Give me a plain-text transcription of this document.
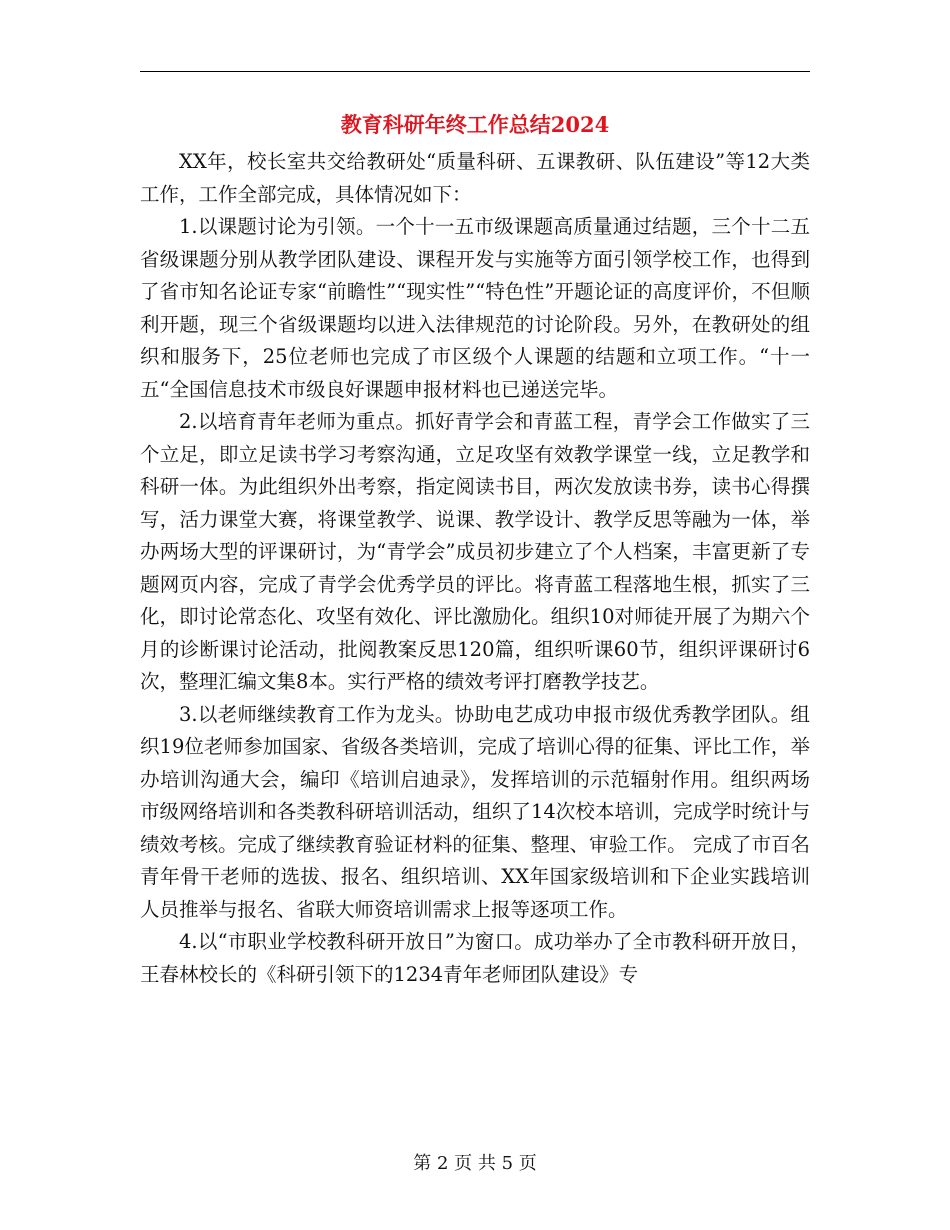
教育科研年终工作总结2024

XX年，校长室共交给教研处“质量科研、五课教研、队伍建设”等12大类工作，工作全部完成，具体情况如下：

1.以课题讨论为引领。一个十一五市级课题高质量通过结题，三个十二五省级课题分别从教学团队建设、课程开发与实施等方面引领学校工作，也得到了省市知名论证专家“前瞻性”“现实性”“特色性”开题论证的高度评价，不但顺利开题，现三个省级课题均以进入法律规范的讨论阶段。另外，在教研处的组织和服务下，25位老师也完成了市区级个人课题的结题和立项工作。“十一五“全国信息技术市级良好课题申报材料也已递送完毕。

2.以培育青年老师为重点。抓好青学会和青蓝工程，青学会工作做实了三个立足，即立足读书学习考察沟通，立足攻坚有效教学课堂一线，立足教学和科研一体。为此组织外出考察，指定阅读书目，两次发放读书券，读书心得撰写，活力课堂大赛，将课堂教学、说课、教学设计、教学反思等融为一体，举办两场大型的评课研讨，为“青学会”成员初步建立了个人档案，丰富更新了专题网页内容，完成了青学会优秀学员的评比。将青蓝工程落地生根，抓实了三化，即讨论常态化、攻坚有效化、评比激励化。组织10对师徒开展了为期六个月的诊断课讨论活动，批阅教案反思120篇，组织听课60节，组织评课研讨6次，整理汇编文集8本。实行严格的绩效考评打磨教学技艺。

3.以老师继续教育工作为龙头。协助电艺成功申报市级优秀教学团队。组织19位老师参加国家、省级各类培训，完成了培训心得的征集、评比工作，举办培训沟通大会，编印《培训启迪录》，发挥培训的示范辐射作用。组织两场市级网络培训和各类教科研培训活动，组织了14次校本培训，完成学时统计与绩效考核。完成了继续教育验证材料的征集、整理、审验工作。 完成了市百名青年骨干老师的选拔、报名、组织培训、XX年国家级培训和下企业实践培训人员推举与报名、省联大师资培训需求上报等逐项工作。

4.以“市职业学校教科研开放日”为窗口。成功举办了全市教科研开放日，王春林校长的《科研引领下的1234青年老师团队建设》专

第 2 页 共 5 页
